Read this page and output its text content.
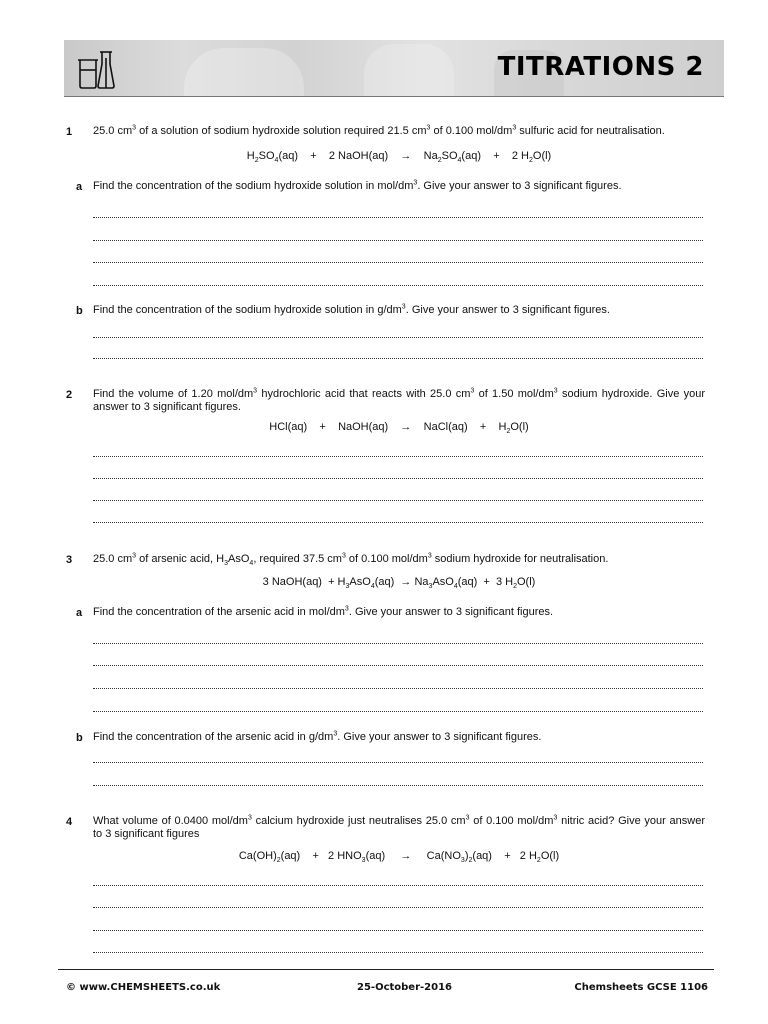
TITRATIONS 2
1 25.0 $cm^3$ of a solution of sodium hydroxide solution required 21.5 $cm^3$ of 0.100 mol/$dm^3$ sulfuric acid for neutralisation.
$H_2SO_4(aq)$    +    2 NaOH(aq)    →    $Na_2SO_4(aq)$    +    2 $H_2O(l)$
a Find the concentration of the sodium hydroxide solution in mol/$dm^3$. Give your answer to 3 significant figures.
b Find the concentration of the sodium hydroxide solution in $g/dm^3$. Give your answer to 3 significant figures.
2 Find the volume of 1.20 mol/$dm^3$ hydrochloric acid that reacts with 25.0 $cm^3$ of 1.50 mol/$dm^3$ sodium hydroxide. Give your answer to 3 significant figures.
HCl(aq)    +    NaOH(aq)    →    NaCl(aq)    +    $H_2O(l)$
3 25.0 $cm^3$ of arsenic acid, $H_3AsO_4$, required 37.5 $cm^3$ of 0.100 mol/$dm^3$ sodium hydroxide for neutralisation.
3 NaOH(aq)  + $H_3AsO_4(aq) \to Na_3AsO_4(aq) + 3$ $H_2O(l)$
a Find the concentration of the arsenic acid in mol/$dm^3$. Give your answer to 3 significant figures.
b Find the concentration of the arsenic acid in $g/dm^3$. Give your answer to 3 significant figures.
4 What volume of 0.0400 mol/$dm^3$ calcium hydroxide just neutralises 25.0 $cm^3$ of 0.100 mol/$dm^3$ nitric acid? Give your answer to 3 significant figures
$Ca(OH)_2(aq)$    +   2 $HNO_3(aq)$     →     $Ca(NO_3)_2(aq)$    +   2 $H_2O(l)$
© www.CHEMSHEETS.co.uk	25-October-2016	Chemsheets GCSE 1106
